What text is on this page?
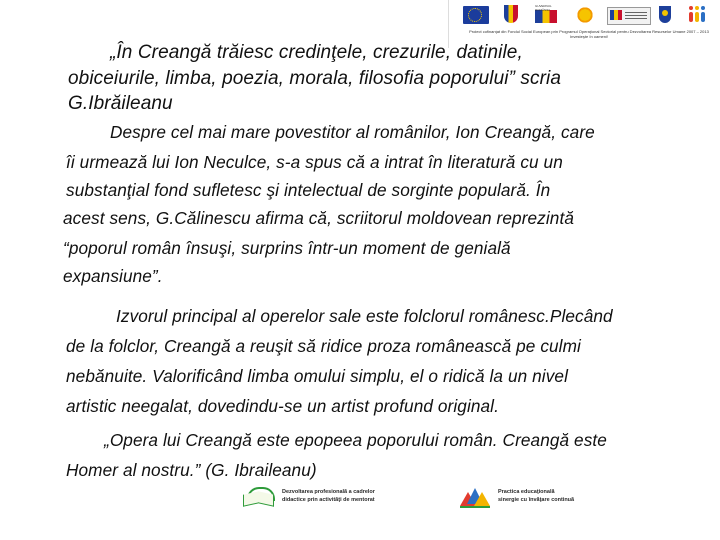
GUVERNUL ROMÂNIEI
Proiect cofinanţat din Fondul Social European prin Programul Operaţional Sectorial pentru Dezvoltarea Resurselor Umane 2007 – 2013
Investeşte în oameni!

„În Creangă trăiesc credinţele, crezurile, datinile,

obiceiurile, limba, poezia, morala, filosofia poporului” scria

G.Ibrăileanu

Despre cel mai mare povestitor al românilor, Ion Creangă, care

îi urmează lui Ion Neculce, s-a spus că a intrat în literatură cu un

substanţial fond sufletesc şi intelectual de sorginte populară. În

acest sens, G.Călinescu afirma că, scriitorul moldovean reprezintă

“poporul român însuşi, surprins într-un moment de genială

expansiune”.

Izvorul principal al operelor sale este folclorul românesc.Plecând

de la folclor, Creangă a reuşit să ridice proza românească pe culmi

nebănuite. Valorificând limba omului simplu, el o ridică la un nivel

artistic neegalat, dovedindu-se un artist profund original.

„Opera lui Creangă este epopeea poporului român. Creangă este

Homer al nostru.” (G. Ibraileanu)

Dezvoltarea profesională a cadrelor
didactice prin activităţi de mentorat
Practica educaţională
sinergie cu învăţare continuă
